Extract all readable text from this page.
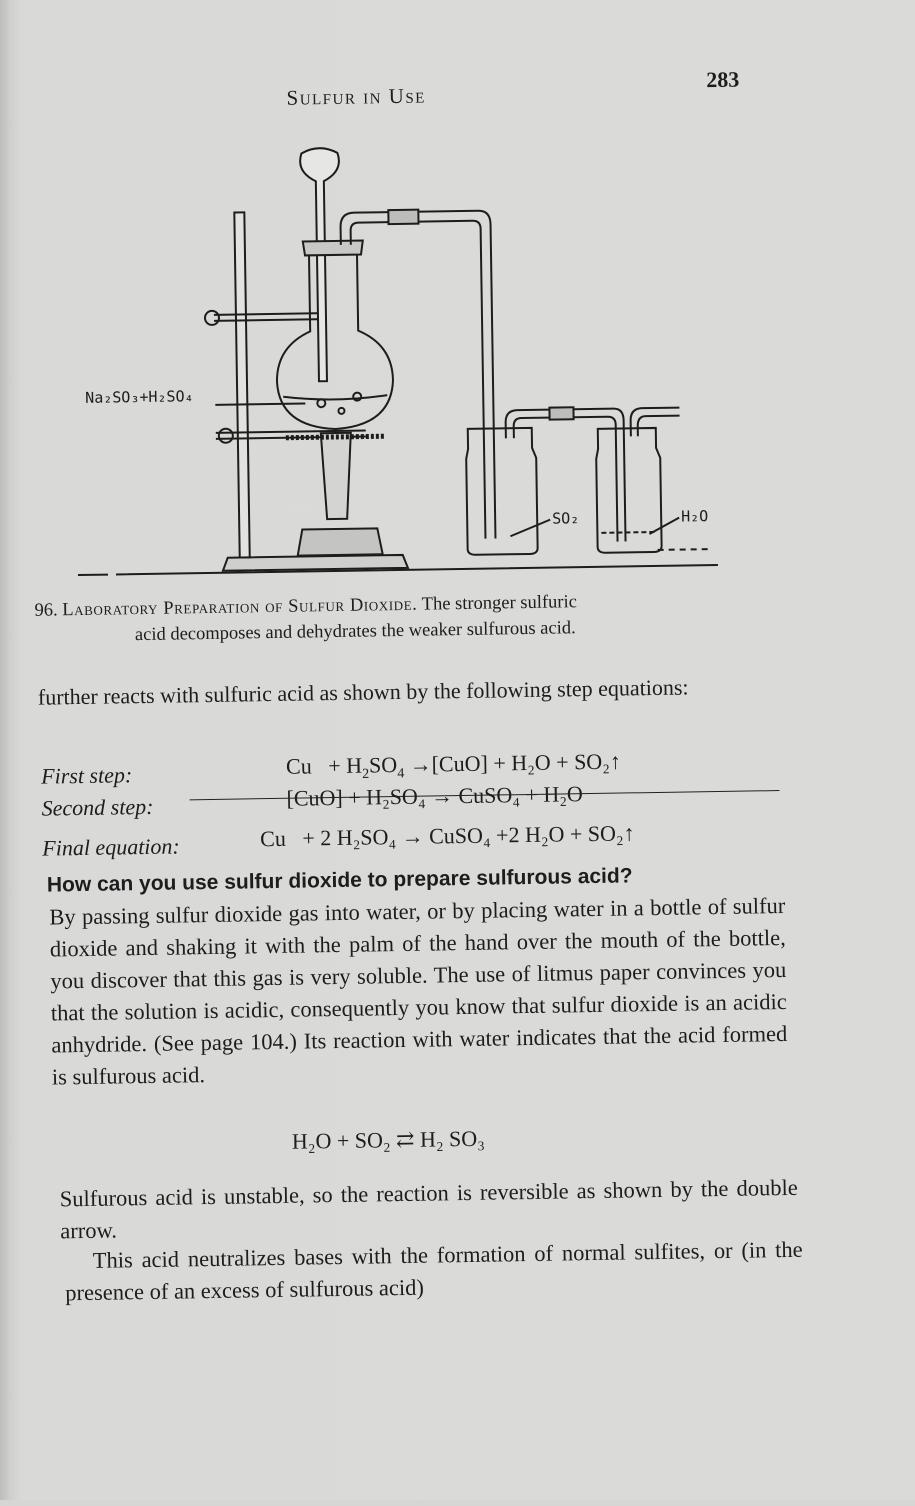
Sulfur in Use
283
Na₂SO₃+H₂SO₄
SO₂	H₂O
96. Laboratory Preparation of Sulfur Dioxide. The stronger sulfuric
acid decomposes and dehydrates the weaker sulfurous acid.
further reacts with sulfuric acid as shown by the following step equations:
First step:	$Cu + H_2SO_4 \to[CuO] + H_2O$ + SO₂↑
Second step:	[CuO] + H₂SO₄ → CuSO₄ + H₂O
Final equation:	Cu + 2 H₂SO₄ → CuSO₄ +2 H₂O + SO₂↑
How can you use sulfur dioxide to prepare sulfurous acid?
By passing sulfur dioxide gas into water, or by placing water in a bottle of sulfur dioxide and shaking it with the palm of the hand over the mouth of the bottle, you discover that this gas is very soluble. The use of litmus paper convinces you that the solution is acidic, consequently you know that sulfur dioxide is an acidic anhydride. (See page 104.) Its reaction with water indicates that the acid formed is sulfurous acid.
H₂O + SO₂ ⇄ H₂ SO₃
Sulfurous acid is unstable, so the reaction is reversible as shown by the double arrow.
This acid neutralizes bases with the formation of normal sulfites, or (in the presence of an excess of sulfurous acid)
